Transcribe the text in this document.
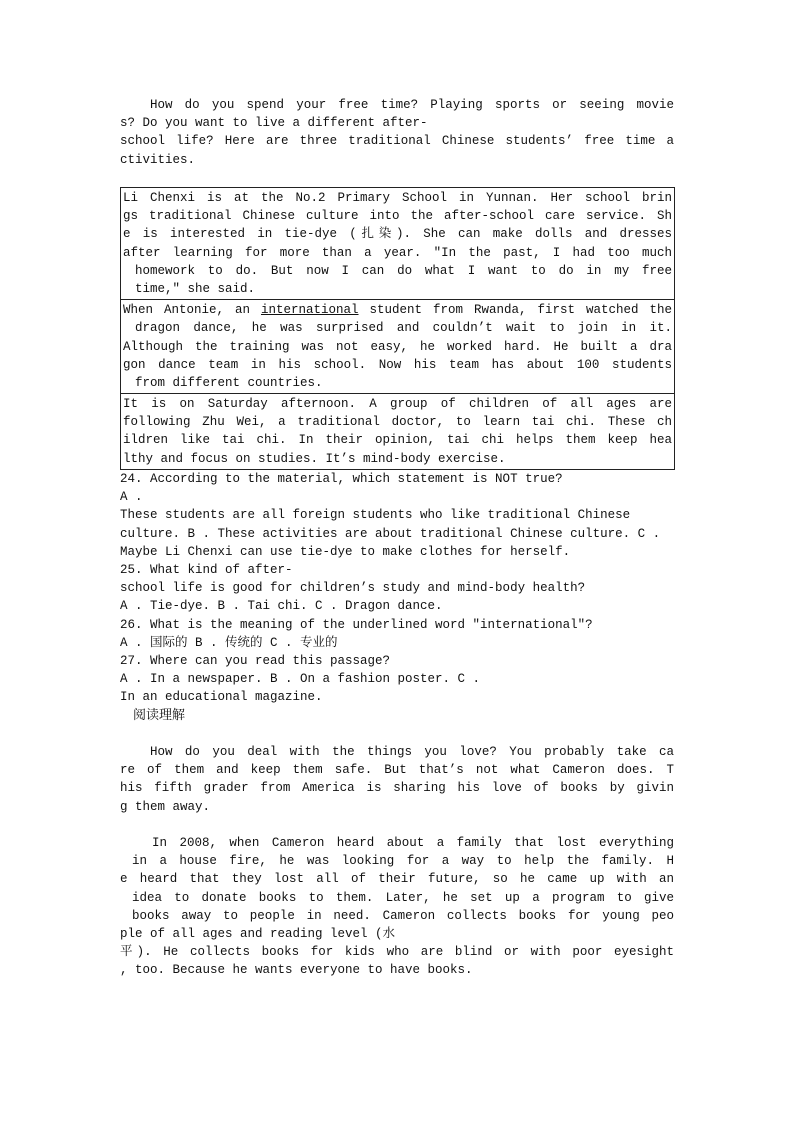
How do you spend your free time? Playing sports or seeing movie
s? Do you want to live a different after-
school life? Here are three traditional Chinese students’ free time a
ctivities.
Li Chenxi is at the No.2 Primary School in Yunnan. Her school brin
gs traditional Chinese culture into the after-school care service. Sh
e is interested in tie-dye (扎染). She can make dolls and dresses
after learning for more than a year. "In the past, I had too much
homework to do. But now I can do what I want to do in my free
time," she said.
When Antonie, an international student from Rwanda, first watched the
dragon dance, he was surprised and couldn’t wait to join in it.
Although the training was not easy, he worked hard. He built a dra
gon dance team in his school. Now his team has about 100 students
from different countries.
It is on Saturday afternoon. A group of children of all ages are
following Zhu Wei, a traditional doctor, to learn tai chi. These ch
ildren like tai chi. In their opinion, tai chi helps them keep hea
lthy and focus on studies. It’s mind-body exercise.
24. According to the material, which statement is NOT true?
A .
These students are all foreign students who like traditional Chinese
culture. B . These activities are about traditional Chinese culture. C .
Maybe Li Chenxi can use tie-dye to make clothes for herself.
25. What kind of after-
school life is good for children’s study and mind-body health?
A . Tie-dye. B . Tai chi. C . Dragon dance.
26. What is the meaning of the underlined word "international"?
A . 国际的 B . 传统的 C . 专业的
27. Where can you read this passage?
A . In a newspaper. B . On a fashion poster. C .
In an educational magazine.
阅读理解
How do you deal with the things you love? You probably take ca
re of them and keep them safe. But that’s not what Cameron does. T
his fifth grader from America is sharing his love of books by givin
g them away.
In 2008, when Cameron heard about a family that lost everything
in a house fire, he was looking for a way to help the family. H
e heard that they lost all of their future, so he came up with an
idea to donate books to them. Later, he set up a program to give
books away to people in need. Cameron collects books for young peo
ple of all ages and reading level (水
平). He collects books for kids who are blind or with poor eyesight
, too. Because he wants everyone to have books.
